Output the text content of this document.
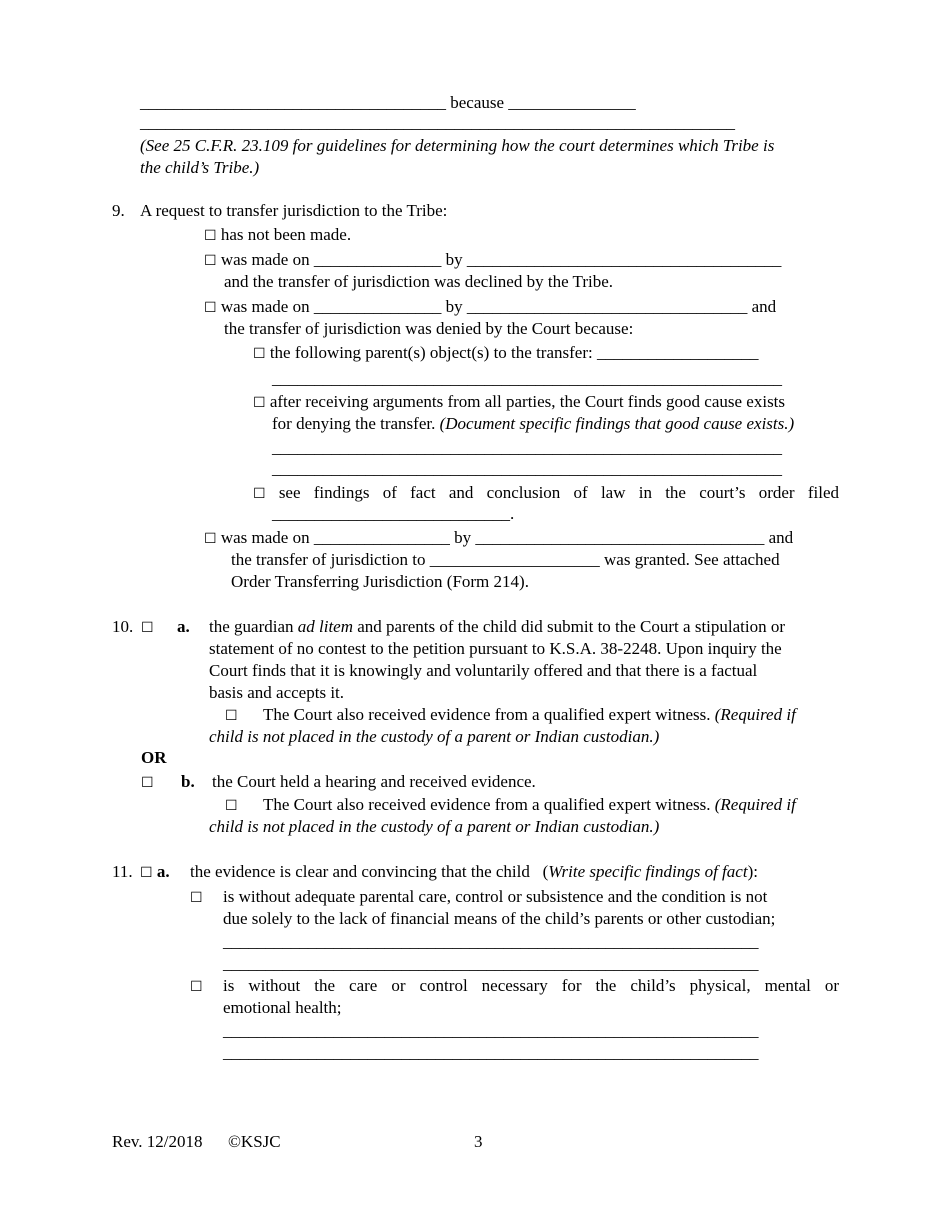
____________________________________ because _______________
______________________________________________________________________
(See 25 C.F.R. 23.109 for guidelines for determining how the court determines which Tribe is
the child’s Tribe.)
9. A request to transfer jurisdiction to the Tribe:
☐ has not been made.
☐ was made on _______________ by _____________________________________
and the transfer of jurisdiction was declined by the Tribe.
☐ was made on _______________ by _________________________________ and
the transfer of jurisdiction was denied by the Court because:
☐ the following parent(s) object(s) to the transfer: ___________________
____________________________________________________________
☐ after receiving arguments from all parties, the Court finds good cause exists
for denying the transfer. (Document specific findings that good cause exists.)
____________________________________________________________
____________________________________________________________
☐ see findings of fact and conclusion of law in the court’s order filed
____________________________.
☐ was made on ________________ by __________________________________ and
the transfer of jurisdiction to ____________________ was granted. See attached
Order Transferring Jurisdiction (Form 214).
10. ☐ a. the guardian ad litem and parents of the child did submit to the Court a stipulation or
statement of no contest to the petition pursuant to K.S.A. 38-2248. Upon inquiry the
Court finds that it is knowingly and voluntarily offered and that there is a factual
basis and accepts it.
☐ The Court also received evidence from a qualified expert witness. (Required if
child is not placed in the custody of a parent or Indian custodian.)
OR
☐ b. the Court held a hearing and received evidence.
☐ The Court also received evidence from a qualified expert witness. (Required if
child is not placed in the custody of a parent or Indian custodian.)
11. ☐ a. the evidence is clear and convincing that the child (Write specific findings of fact):
☐ is without adequate parental care, control or subsistence and the condition is not
due solely to the lack of financial means of the child’s parents or other custodian;
_______________________________________________________________
_______________________________________________________________
☐ is without the care or control necessary for the child’s physical, mental or
emotional health;
_______________________________________________________________
_______________________________________________________________
Rev. 12/2018 ©KSJC	3
